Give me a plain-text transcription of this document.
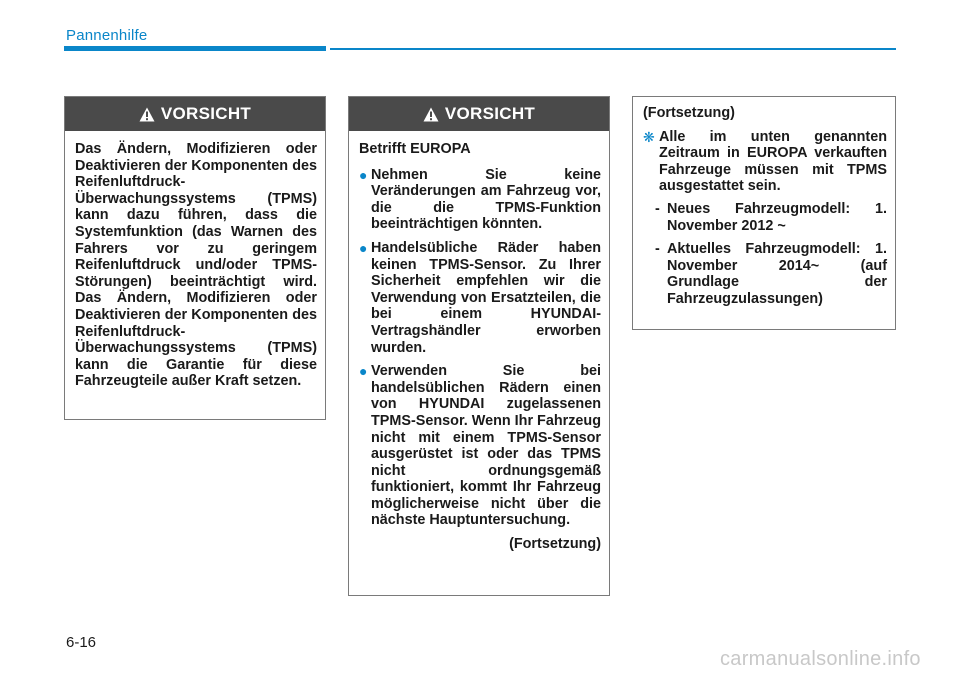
Pannenhilfe
VORSICHT
Das Ändern, Modifizieren oder Deaktivieren der Komponenten des Reifenluftdruck-Überwachungssystems (TPMS) kann dazu führen, dass die Systemfunktion (das Warnen des Fahrers vor zu geringem Reifenluftdruck und/oder TPMS-Störungen) beeinträchtigt wird. Das Ändern, Modifizieren oder Deaktivieren der Komponenten des Reifenluftdruck-Überwachungssystems (TPMS) kann die Garantie für diese Fahrzeugteile außer Kraft setzen.
VORSICHT
Betrifft EUROPA
● Nehmen Sie keine Veränderungen am Fahrzeug vor, die die TPMS-Funktion beeinträchtigen könnten.
● Handelsübliche Räder haben keinen TPMS-Sensor. Zu Ihrer Sicherheit empfehlen wir die Verwendung von Ersatzteilen, die bei einem HYUNDAI-Vertragshändler erworben wurden.
● Verwenden Sie bei handelsüblichen Rädern einen von HYUNDAI zugelassenen TPMS-Sensor. Wenn Ihr Fahrzeug nicht mit einem TPMS-Sensor ausgerüstet ist oder das TPMS nicht ordnungsgemäß funktioniert, kommt Ihr Fahrzeug möglicherweise nicht über die nächste Hauptuntersuchung.
(Fortsetzung)
(Fortsetzung)
❋ Alle im unten genannten Zeitraum in EUROPA verkauften Fahrzeuge müssen mit TPMS ausgestattet sein.
- Neues Fahrzeugmodell: 1. November 2012 ~
- Aktuelles Fahrzeugmodell: 1. November 2014~ (auf Grundlage der Fahrzeugzulassungen)
6-16
carmanualsonline.info
